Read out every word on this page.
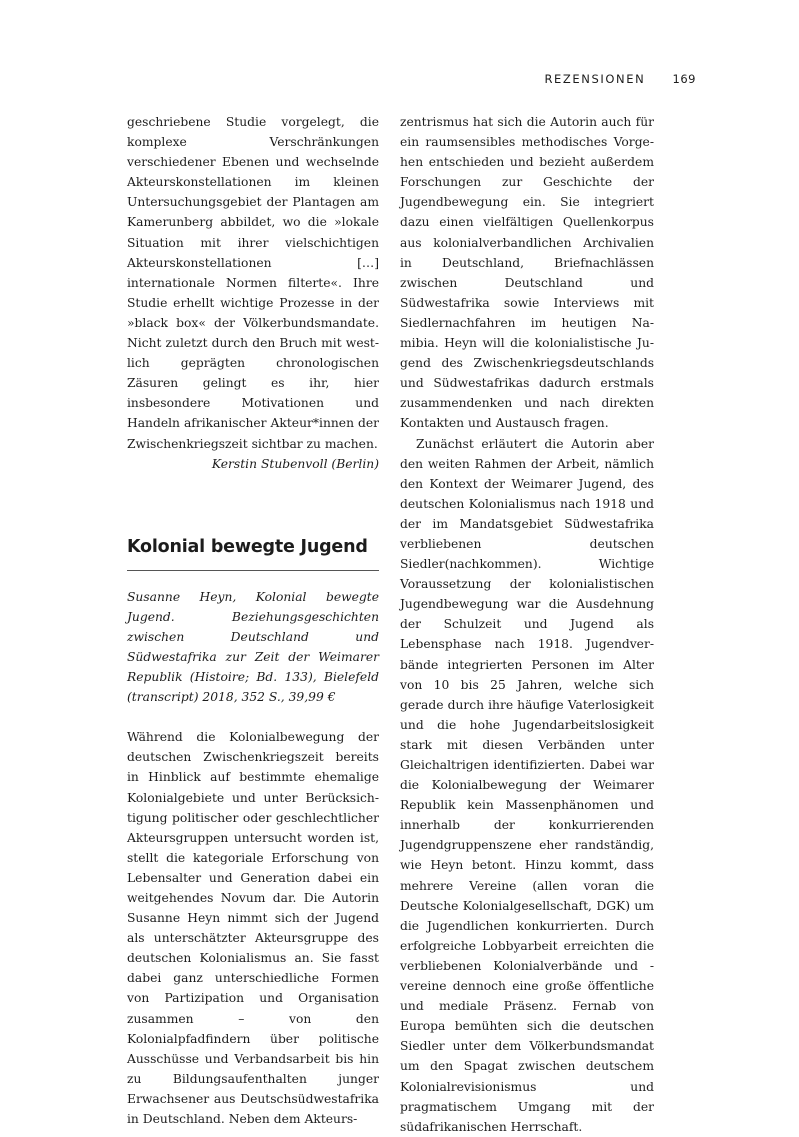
REZENSIONEN 169

geschriebene Studie vorgelegt, die komplexe Verschränkungen verschiedener Ebenen und wechselnde Akteurskonstellationen im kleinen Untersuchungsgebiet der Plantagen am Kamerunberg abbildet, wo die »lokale Situation mit ihrer vielschichtigen Akteurskonstellationen […] internationale Normen filterte«. Ihre Studie erhellt wichtige Prozesse in der »black box« der Völkerbundsmandate. Nicht zuletzt durch den Bruch mit westlich geprägten chronologischen Zäsuren gelingt es ihr, hier insbesondere Motivationen und Handeln afrikanischer Akteur*innen der Zwischenkriegszeit sichtbar zu machen.

Kerstin Stubenvoll (Berlin)

Kolonial bewegte Jugend

Susanne Heyn, Kolonial bewegte Jugend. Beziehungsgeschichten zwischen Deutschland und Südwestafrika zur Zeit der Weimarer Republik (Histoire; Bd. 133), Bielefeld (transcript) 2018, 352 S., 39,99 €

Während die Kolonialbewegung der deutschen Zwischenkriegszeit bereits in Hinblick auf bestimmte ehemalige Kolonialgebiete und unter Berücksichtigung politischer oder geschlechtlicher Akteursgruppen untersucht worden ist, stellt die kategoriale Erforschung von Lebensalter und Generation dabei ein weitgehendes Novum dar. Die Autorin Susanne Heyn nimmt sich der Jugend als unterschätzter Akteursgruppe des deutschen Kolonialismus an. Sie fasst dabei ganz unterschiedliche Formen von Partizipation und Organisation zusammen – von den Kolonialpfadfindern über politische Ausschüsse und Verbandsarbeit bis hin zu Bildungsaufenthalten junger Erwachsener aus Deutschsüdwestafrika in Deutschland. Neben dem Akteurs-

zentrismus hat sich die Autorin auch für ein raumsensibles methodisches Vorgehen entschieden und bezieht außerdem Forschungen zur Geschichte der Jugendbewegung ein. Sie integriert dazu einen vielfältigen Quellenkorpus aus kolonialverbandlichen Archivalien in Deutschland, Briefnachlässen zwischen Deutschland und Südwestafrika sowie Interviews mit Siedlernachfahren im heutigen Namibia. Heyn will die kolonialistische Jugend des Zwischenkriegsdeutschlands und Südwestafrikas dadurch erstmals zusammendenken und nach direkten Kontakten und Austausch fragen.

Zunächst erläutert die Autorin aber den weiten Rahmen der Arbeit, nämlich den Kontext der Weimarer Jugend, des deutschen Kolonialismus nach 1918 und der im Mandatsgebiet Südwestafrika verbliebenen deutschen Siedler(nachkommen). Wichtige Voraussetzung der kolonialistischen Jugendbewegung war die Ausdehnung der Schulzeit und Jugend als Lebensphase nach 1918. Jugendverbände integrierten Personen im Alter von 10 bis 25 Jahren, welche sich gerade durch ihre häufige Vaterlosigkeit und die hohe Jugendarbeitslosigkeit stark mit diesen Verbänden unter Gleichaltrigen identifizierten. Dabei war die Kolonialbewegung der Weimarer Republik kein Massenphänomen und innerhalb der konkurrierenden Jugendgruppenszene eher randständig, wie Heyn betont. Hinzu kommt, dass mehrere Vereine (allen voran die Deutsche Kolonialgesellschaft, DGK) um die Jugendlichen konkurrierten. Durch erfolgreiche Lobbyarbeit erreichten die verbliebenen Kolonialverbände und -vereine dennoch eine große öffentliche und mediale Präsenz. Fernab von Europa bemühten sich die deutschen Siedler unter dem Völkerbundsmandat um den Spagat zwischen deutschem Kolonialrevisionismus und pragmatischem Umgang mit der südafrikanischen Herrschaft.
